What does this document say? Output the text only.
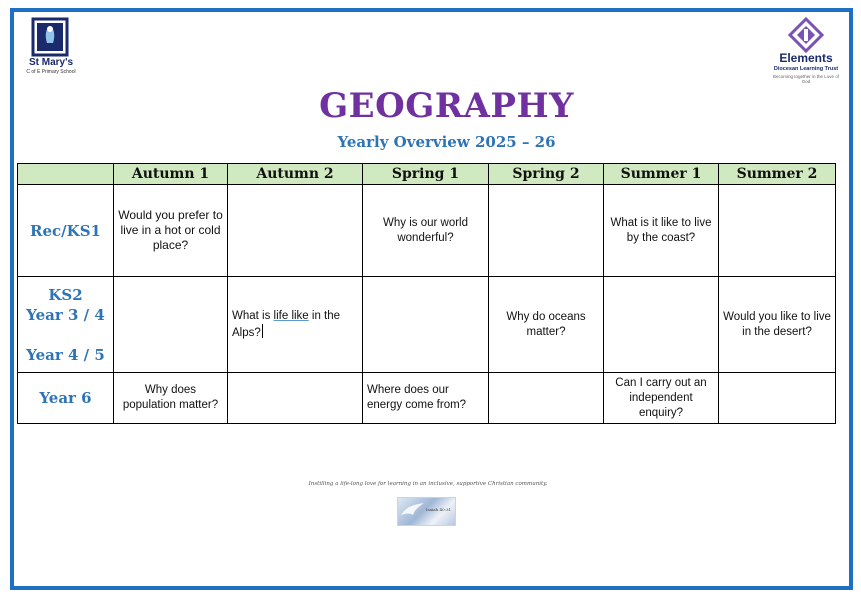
St Mary's
C of E Primary School
Elements
Diocesan Learning Trust
Becoming together in the Love of God
GEOGRAPHY
Yearly Overview 2025 – 26
	Autumn 1	Autumn 2	Spring 1	Spring 2	Summer 1	Summer 2
Rec/KS1	Would you prefer to live in a hot or cold place?		Why is our world wonderful?		What is it like to live by the coast?	

KS2
Year 3 / 4
Year 4 / 5		What is life like in the Alps?		Why do oceans matter?		Would you like to live in the desert?

Year 6	Why does population matter?		Where does our energy come from?		Can I carry out an independent enquiry?	

Instilling a life-long love for learning in an inclusive, supportive Christian community.
Isaiah 40:31
